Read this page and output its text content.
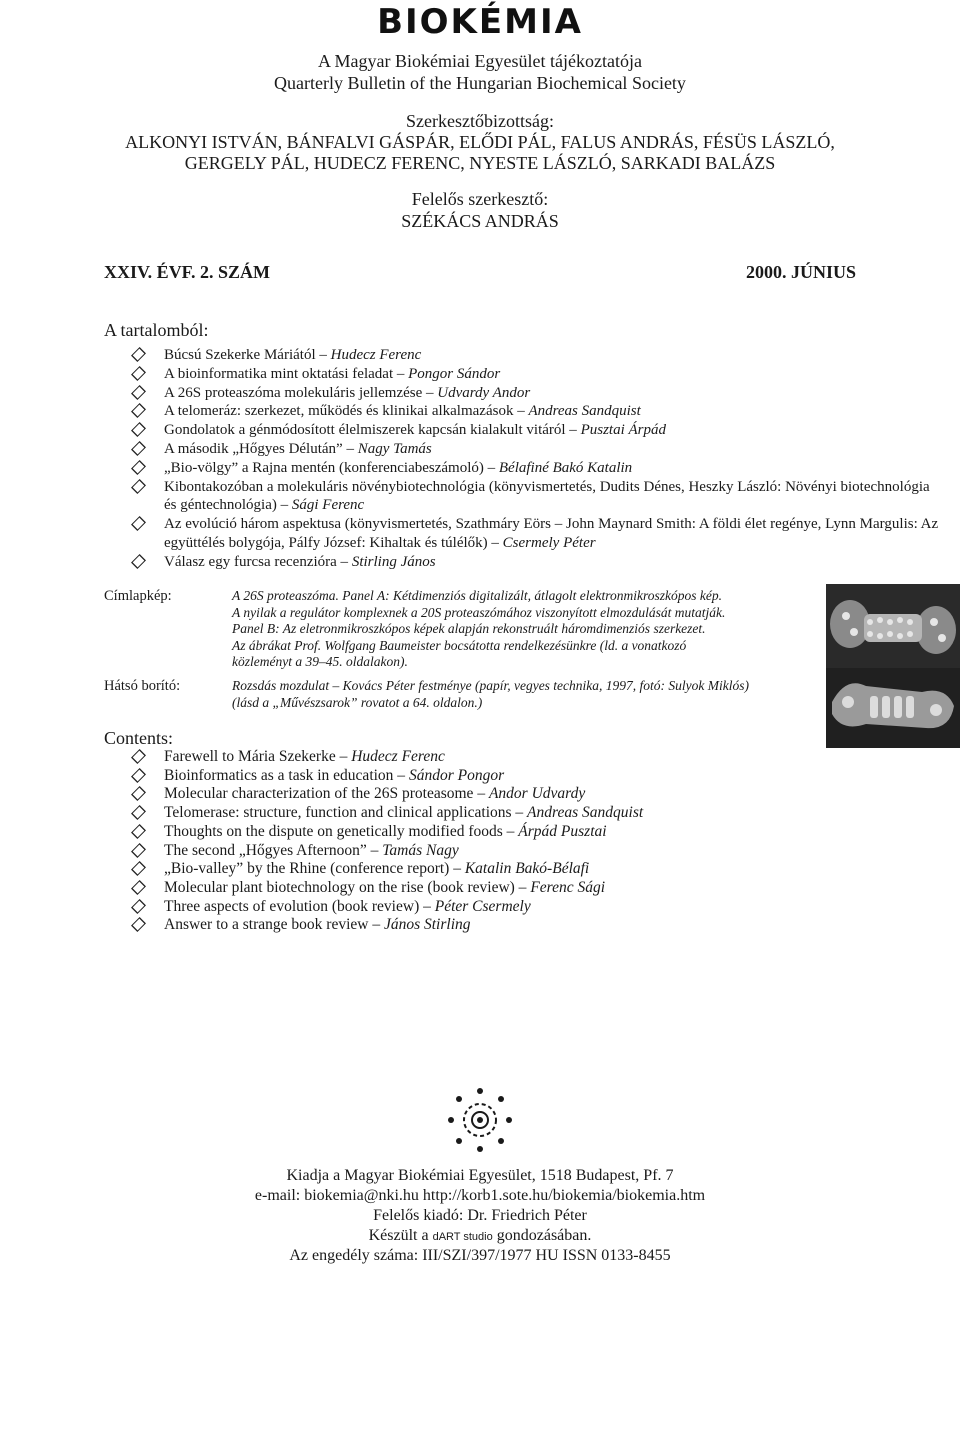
BIOKÉMIA
A Magyar Biokémiai Egyesület tájékoztatója
Quarterly Bulletin of the Hungarian Biochemical Society
Szerkesztőbizottság:
ALKONYI ISTVÁN, BÁNFALVI GÁSPÁR, ELŐDI PÁL, FALUS ANDRÁS, FÉSÜS LÁSZLÓ,
GERGELY PÁL, HUDECZ FERENC, NYESTE LÁSZLÓ, SARKADI BALÁZS
Felelős szerkesztő:
SZÉKÁCS ANDRÁS
XXIV. ÉVF. 2. SZÁM	2000. JÚNIUS
A tartalomból:
Búcsú Szekerke Máriától – Hudecz Ferenc
A bioinformatika mint oktatási feladat – Pongor Sándor
A 26S proteaszóma molekuláris jellemzése – Udvardy Andor
A telomeráz: szerkezet, működés és klinikai alkalmazások – Andreas Sandquist
Gondolatok a génmódosított élelmiszerek kapcsán kialakult vitáról – Pusztai Árpád
A második „Hőgyes Délután” – Nagy Tamás
„Bio-völgy” a Rajna mentén (konferenciabeszámoló) – Bélafiné Bakó Katalin
Kibontakozóban a molekuláris növénybiotechnológia (könyvismertetés, Dudits Dénes, Heszky László: Növényi biotechnológia és géntechnológia) – Sági Ferenc
Az evolúció három aspektusa (könyvismertetés, Szathmáry Eörs – John Maynard Smith: A földi élet regénye, Lynn Margulis: Az együttélés bolygója, Pálfy József: Kihaltak és túlélők) – Csermely Péter
Válasz egy furcsa recenzióra – Stirling János
Címlapkép:	A 26S proteaszóma. Panel A: Kétdimenziós digitalizált, átlagolt elektronmikroszkópos kép.
A nyilak a regulátor komplexnek a 20S proteaszómához viszonyított elmozdulását mutatják.
Panel B: Az eletronmikroszkópos képek alapján rekonstruált háromdimenziós szerkezet.
Az ábrákat Prof. Wolfgang Baumeister bocsátotta rendelkezésünkre (ld. a vonatkozó
közleményt a 39–45. oldalakon).
Hátsó borító:	Rozsdás mozdulat – Kovács Péter festménye (papír, vegyes technika, 1997, fotó: Sulyok Miklós)
(lásd a „Művészsarok” rovatot a 64. oldalon.)
Contents:
Farewell to Mária Szekerke – Hudecz Ferenc
Bioinformatics as a task in education – Sándor Pongor
Molecular characterization of the 26S proteasome – Andor Udvardy
Telomerase: structure, function and clinical applications – Andreas Sandquist
Thoughts on the dispute on genetically modified foods – Árpád Pusztai
The second „Hőgyes Afternoon” – Tamás Nagy
„Bio-valley” by the Rhine (conference report) – Katalin Bakó-Bélafi
Molecular plant biotechnology on the rise (book review) – Ferenc Sági
Three aspects of evolution (book review) – Péter Csermely
Answer to a strange book review – János Stirling
Kiadja a Magyar Biokémiai Egyesület, 1518 Budapest, Pf. 7
e-mail: biokemia@nki.hu http://korb1.sote.hu/biokemia/biokemia.htm
Felelős kiadó: Dr. Friedrich Péter
Készült a dART studio gondozásában.
Az engedély száma: III/SZI/397/1977 HU ISSN 0133-8455
